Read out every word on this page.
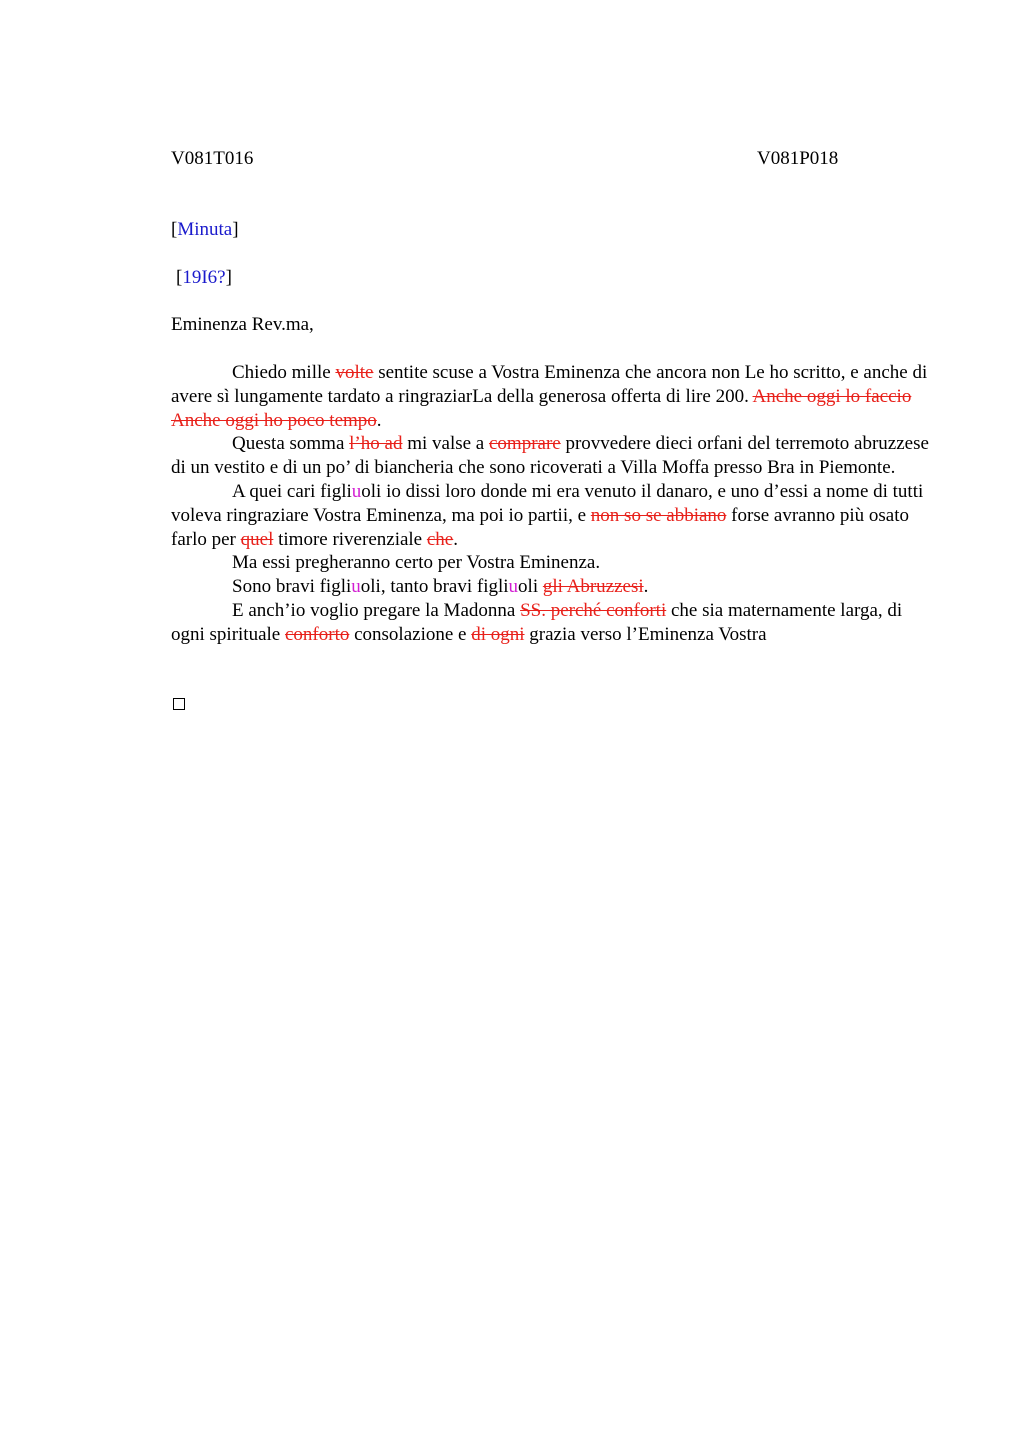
V081T016	V081P018
[Minuta]
[19I6?]
Eminenza Rev.ma,

Chiedo mille volte sentite scuse a Vostra Eminenza che ancora non Le ho scritto, e anche di avere sì lungamente tardato a ringraziarLa della generosa offerta di lire 200. Anche oggi lo faccio Anche oggi ho poco tempo.

Questa somma l’ho ad mi valse a comprare provvedere dieci orfani del terremoto abruzzese di un vestito e di un po’ di biancheria che sono ricoverati a Villa Moffa presso Bra in Piemonte.

A quei cari figliuoli io dissi loro donde mi era venuto il danaro, e uno d’essi a nome di tutti voleva ringraziare Vostra Eminenza, ma poi io partii, e non so se abbiano forse avranno più osato farlo per quel timore riverenziale che.

Ma essi pregheranno certo per Vostra Eminenza.

Sono bravi figliuoli, tanto bravi figliuoli gli Abruzzesi.

E anch’io voglio pregare la Madonna SS. perché conforti che sia maternamente larga, di ogni spirituale conforto consolazione e di ogni grazia verso l’Eminenza Vostra
